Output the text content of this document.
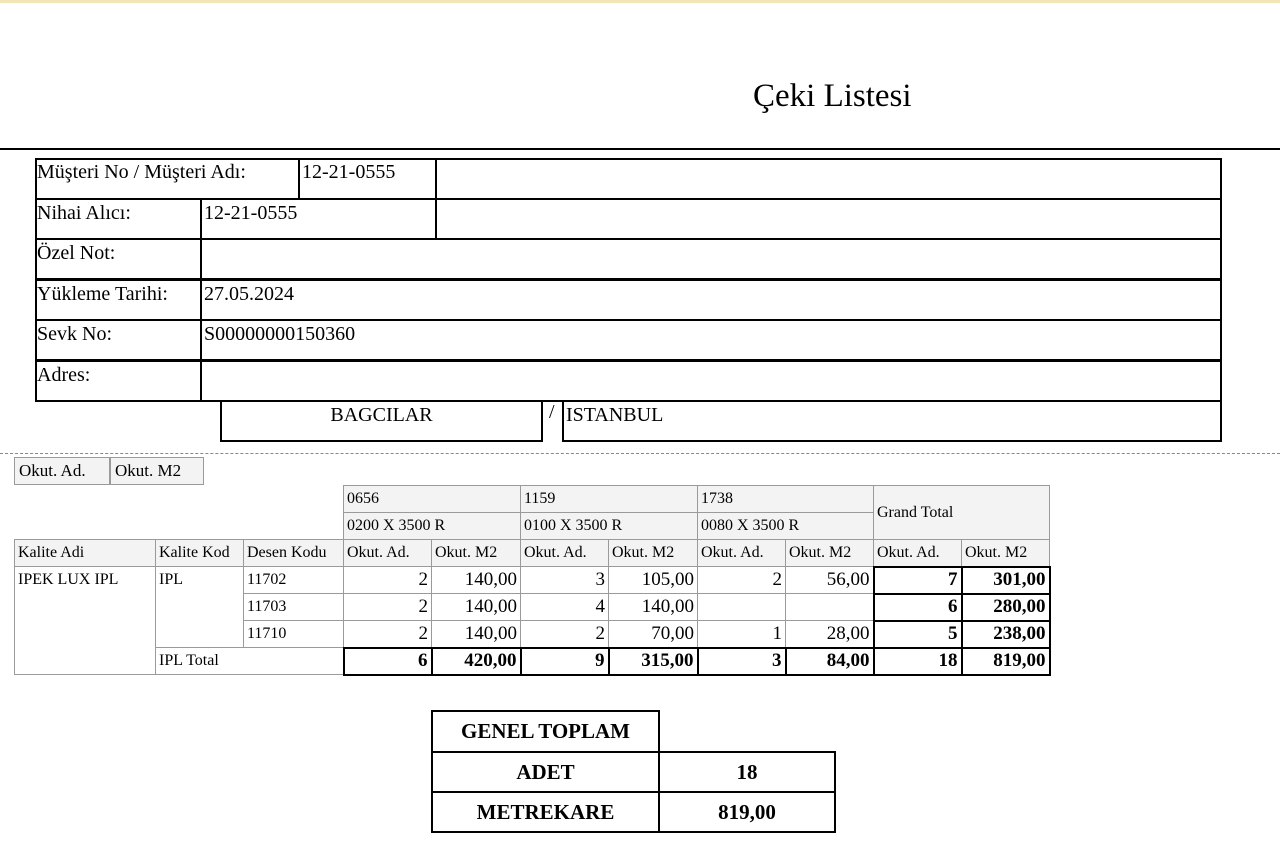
Çeki Listesi
Müşteri No / Müşteri Adı:	12-21-0555
Nihai Alıcı:	12-21-0555
Özel Not:
Yükleme Tarihi: 27.05.2024
Sevk No:	S00000000150360
Adres:
BAGCILAR	/ ISTANBUL
Okut. Ad.	Okut. M2
			0656		1159		1738		Grand Total	
			0200 X 3500 R		0100 X 3500 R		0080 X 3500 R			
Kalite Adi	Kalite Kod	Desen Kodu	Okut. Ad.	Okut. M2	Okut. Ad.	Okut. M2	Okut. Ad.	Okut. M2	Okut. Ad.	Okut. M2
IPEK LUX IPL	IPL	11702	2	140,00	3	105,00	2	56,00	7	301,00
		11703	2	140,00	4	140,00			6	280,00
		11710	2	140,00	2	70,00	1	28,00	5	238,00
	IPL Total		6	420,00	9	315,00	3	84,00	18	819,00
GENEL TOPLAM	
ADET	18
METREKARE	819,00
